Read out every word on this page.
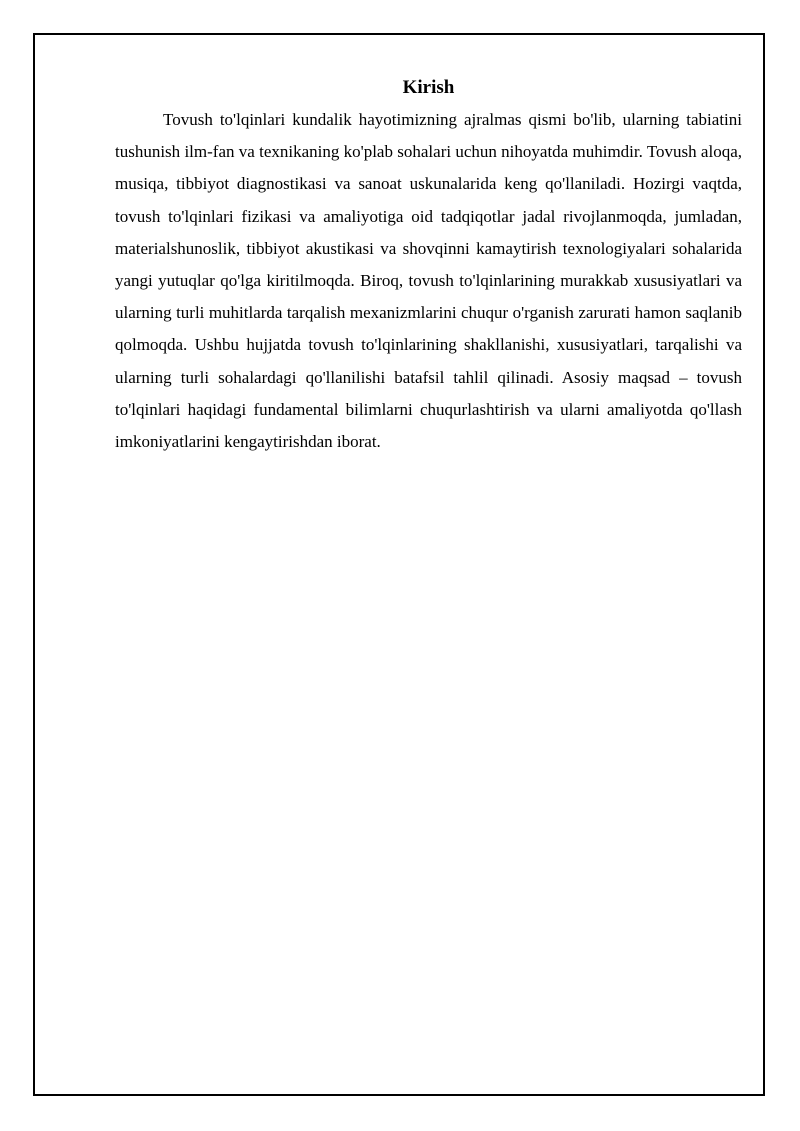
Kirish

Tovush to'lqinlari kundalik hayotimizning ajralmas qismi bo'lib, ularning tabiatini tushunish ilm-fan va texnikaning ko'plab sohalari uchun nihoyatda muhimdir. Tovush aloqa, musiqa, tibbiyot diagnostikasi va sanoat uskunalarida keng qo'llaniladi. Hozirgi vaqtda, tovush to'lqinlari fizikasi va amaliyotiga oid tadqiqotlar jadal rivojlanmoqda, jumladan, materialshunoslik, tibbiyot akustikasi va shovqinni kamaytirish texnologiyalari sohalarida yangi yutuqlar qo'lga kiritilmoqda. Biroq, tovush to'lqinlarining murakkab xususiyatlari va ularning turli muhitlarda tarqalish mexanizmlarini chuqur o'rganish zarurati hamon saqlanib qolmoqda. Ushbu hujjatda tovush to'lqinlarining shakllanishi, xususiyatlari, tarqalishi va ularning turli sohalardagi qo'llanilishi batafsil tahlil qilinadi. Asosiy maqsad – tovush to'lqinlari haqidagi fundamental bilimlarni chuqurlashtirish va ularni amaliyotda qo'llash imkoniyatlarini kengaytirishdan iborat.
